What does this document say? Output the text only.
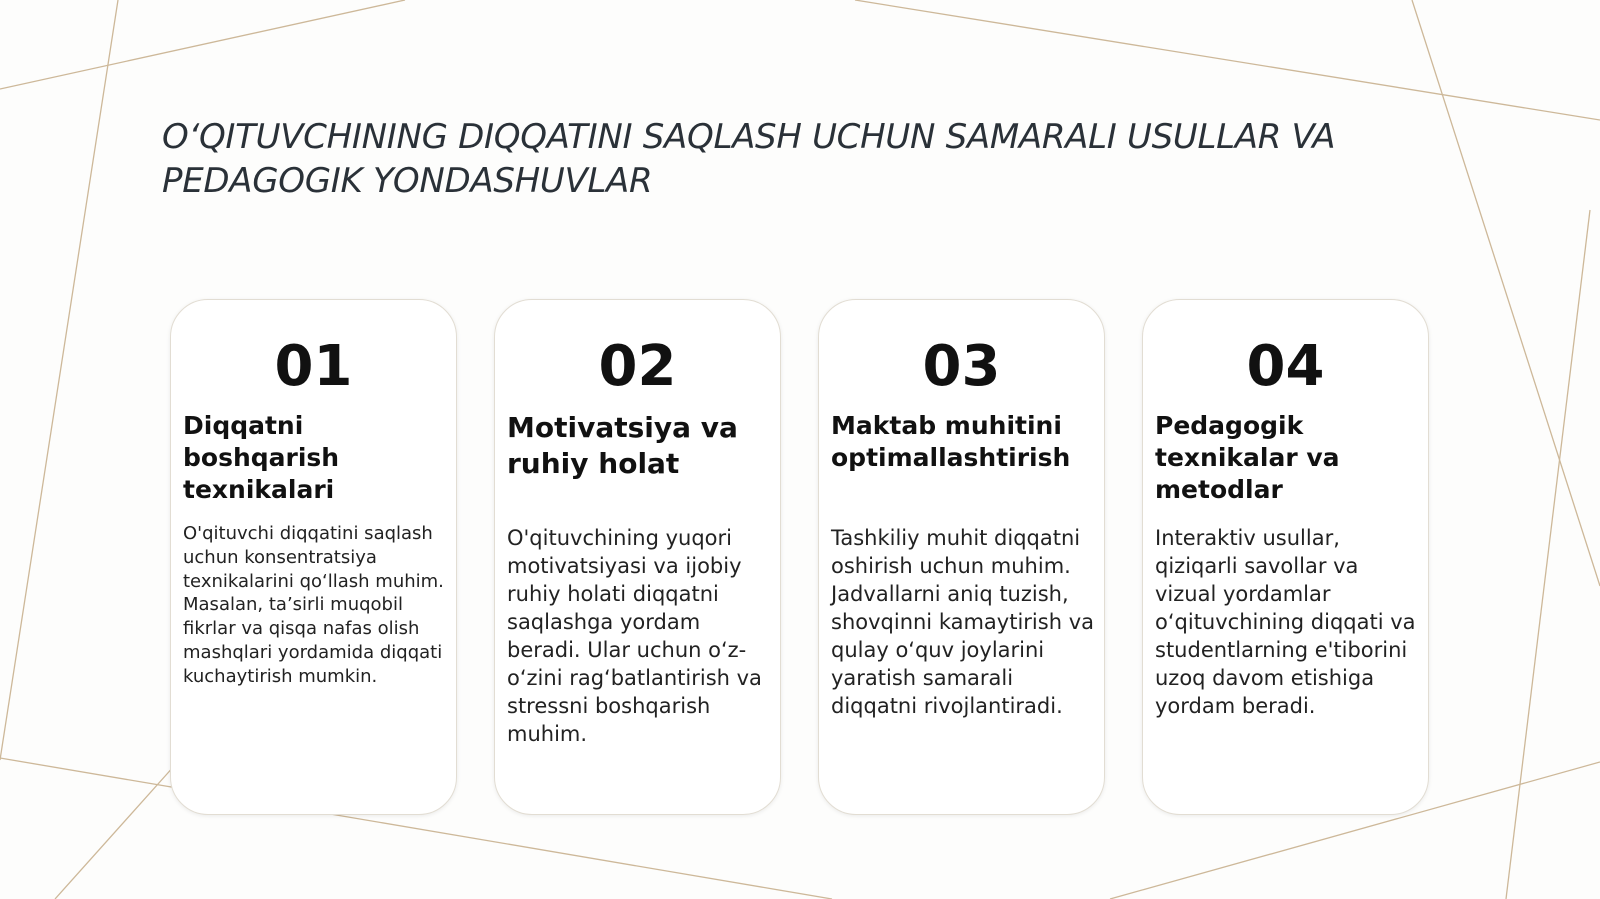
O‘QITUVCHINING DIQQATINI SAQLASH UCHUN SAMARALI USULLAR VA PEDAGOGIK YONDASHUVLAR
01
Diqqatni boshqarish texnikalari
O'qituvchi diqqatini saqlash uchun konsentratsiya texnikalarini qo‘llash muhim. Masalan, ta’sirli muqobil fikrlar va qisqa nafas olish mashqlari yordamida diqqati kuchaytirish mumkin.
02
Motivatsiya va ruhiy holat
O'qituvchining yuqori motivatsiyasi va ijobiy ruhiy holati diqqatni saqlashga yordam beradi. Ular uchun o‘z-o‘zini rag‘batlantirish va stressni boshqarish muhim.
03
Maktab muhitini optimallashtirish
Tashkiliy muhit diqqatni oshirish uchun muhim. Jadvallarni aniq tuzish, shovqinni kamaytirish va qulay o‘quv joylarini yaratish samarali diqqatni rivojlantiradi.
04
Pedagogik texnikalar va metodlar
Interaktiv usullar, qiziqarli savollar va vizual yordamlar o‘qituvchining diqqati va studentlarning e'tiborini uzoq davom etishiga yordam beradi.
